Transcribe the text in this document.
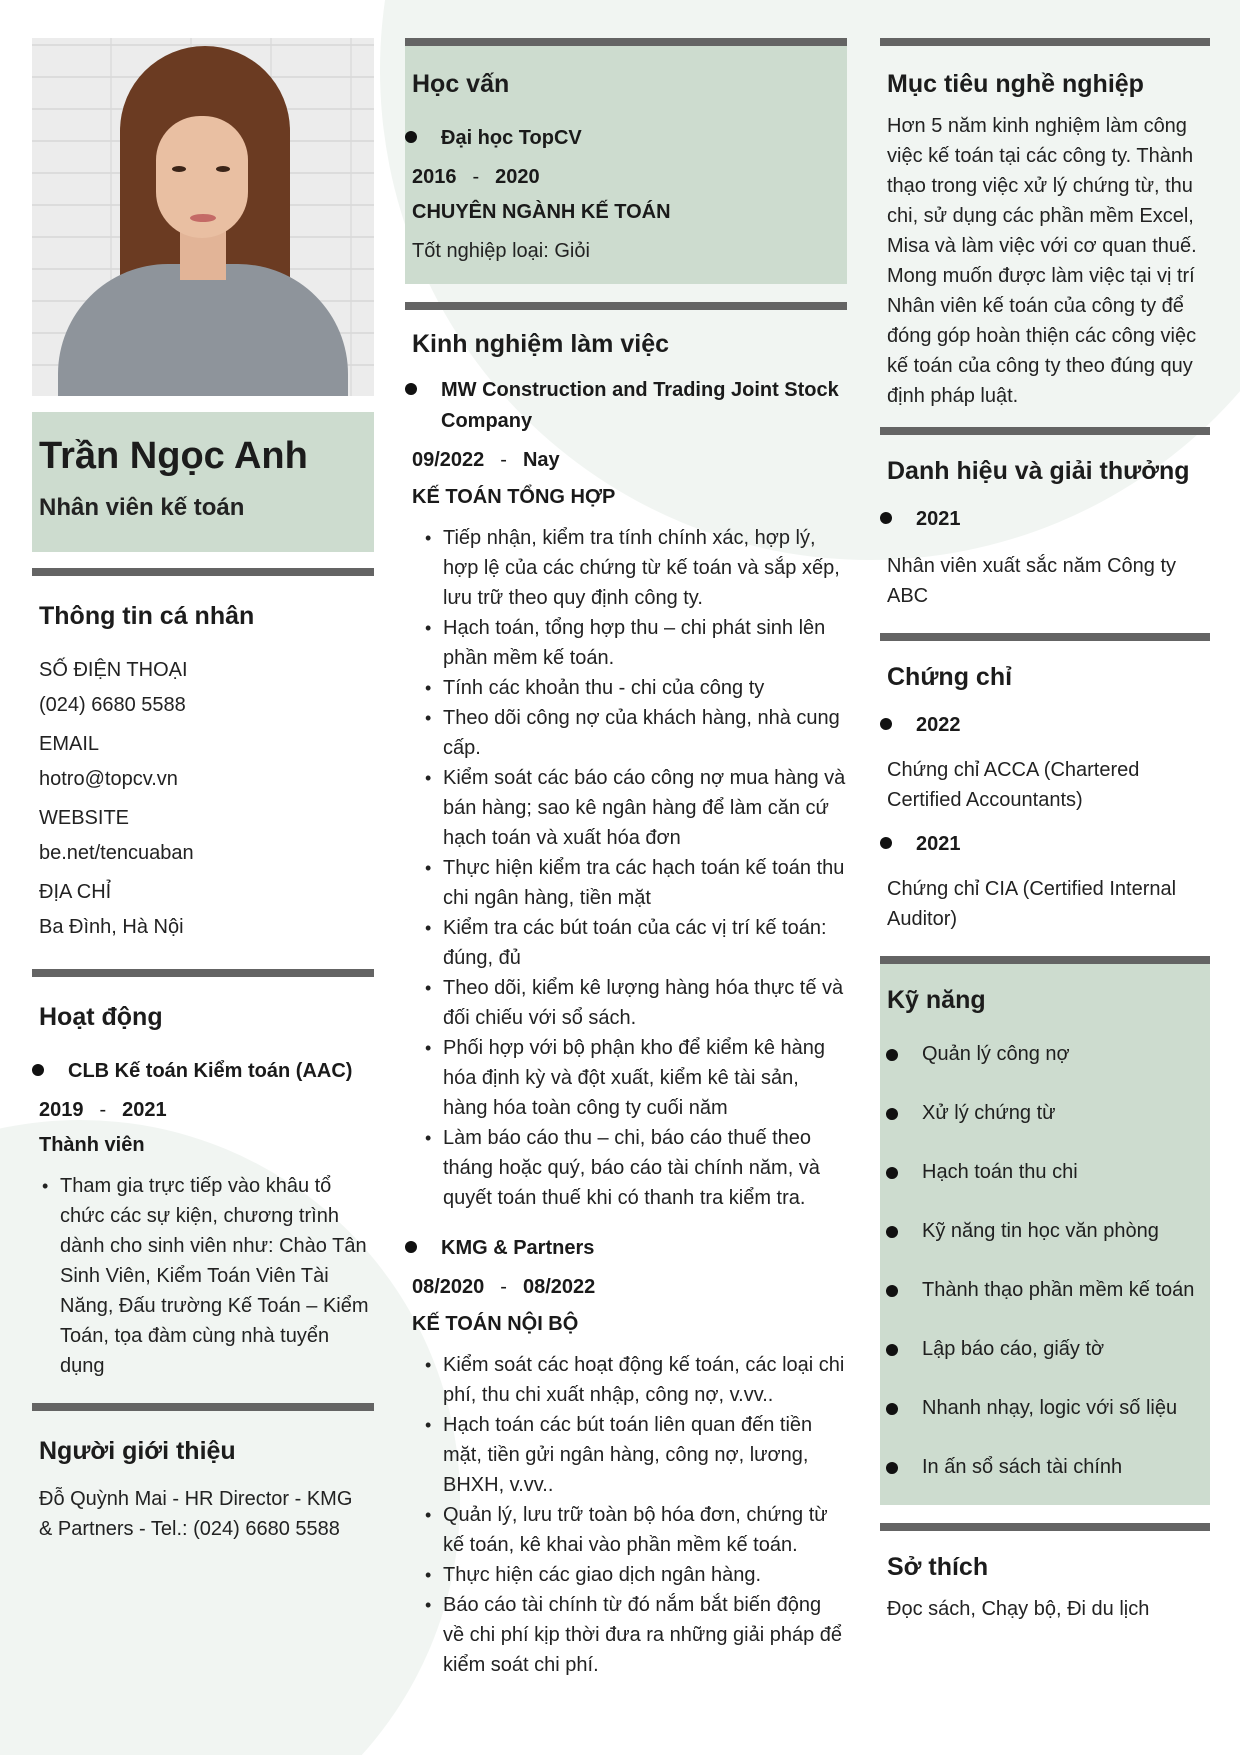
Trần Ngọc Anh
Nhân viên kế toán
Thông tin cá nhân
SỐ ĐIỆN THOẠI
(024) 6680 5588
EMAIL
hotro@topcv.vn
WEBSITE
be.net/tencuaban
ĐỊA CHỈ
Ba Đình, Hà Nội
Hoạt động
CLB Kế toán Kiểm toán (AAC)
2019 - 2021
Thành viên
• Tham gia trực tiếp vào khâu tổ chức các sự kiện, chương trình dành cho sinh viên như: Chào Tân Sinh Viên, Kiểm Toán Viên Tài Năng, Đấu trường Kế Toán – Kiểm Toán, tọa đàm cùng nhà tuyển dụng
Người giới thiệu
Đỗ Quỳnh Mai - HR Director - KMG & Partners - Tel.: (024) 6680 5588
Học vấn
Đại học TopCV
2016 - 2020
CHUYÊN NGÀNH KẾ TOÁN
Tốt nghiệp loại: Giỏi
Kinh nghiệm làm việc
MW Construction and Trading Joint Stock Company
09/2022 - Nay
KẾ TOÁN TỔNG HỢP
• Tiếp nhận, kiểm tra tính chính xác, hợp lý, hợp lệ của các chứng từ kế toán và sắp xếp, lưu trữ theo quy định công ty.
• Hạch toán, tổng hợp thu – chi phát sinh lên phần mềm kế toán.
• Tính các khoản thu - chi của công ty
• Theo dõi công nợ của khách hàng, nhà cung cấp.
• Kiểm soát các báo cáo công nợ mua hàng và bán hàng; sao kê ngân hàng để làm căn cứ hạch toán và xuất hóa đơn
• Thực hiện kiểm tra các hạch toán kế toán thu chi ngân hàng, tiền mặt
• Kiểm tra các bút toán của các vị trí kế toán: đúng, đủ
• Theo dõi, kiểm kê lượng hàng hóa thực tế và đối chiếu với sổ sách.
• Phối hợp với bộ phận kho để kiểm kê hàng hóa định kỳ và đột xuất, kiểm kê tài sản, hàng hóa toàn công ty cuối năm
• Làm báo cáo thu – chi, báo cáo thuế theo tháng hoặc quý, báo cáo tài chính năm, và quyết toán thuế khi có thanh tra kiểm tra.
KMG & Partners
08/2020 - 08/2022
KẾ TOÁN NỘI BỘ
• Kiểm soát các hoạt động kế toán, các loại chi phí, thu chi xuất nhập, công nợ, v.vv..
• Hạch toán các bút toán liên quan đến tiền mặt, tiền gửi ngân hàng, công nợ, lương, BHXH, v.vv..
• Quản lý, lưu trữ toàn bộ hóa đơn, chứng từ kế toán, kê khai vào phần mềm kế toán.
• Thực hiện các giao dịch ngân hàng.
• Báo cáo tài chính từ đó nắm bắt biến động về chi phí kịp thời đưa ra những giải pháp để kiểm soát chi phí.
Mục tiêu nghề nghiệp
Hơn 5 năm kinh nghiệm làm công việc kế toán tại các công ty. Thành thạo trong việc xử lý chứng từ, thu chi, sử dụng các phần mềm Excel, Misa và làm việc với cơ quan thuế. Mong muốn được làm việc tại vị trí Nhân viên kế toán của công ty để đóng góp hoàn thiện các công việc kế toán của công ty theo đúng quy định pháp luật.
Danh hiệu và giải thưởng
2021
Nhân viên xuất sắc năm Công ty ABC
Chứng chỉ
2022
Chứng chỉ ACCA (Chartered Certified Accountants)
2021
Chứng chỉ CIA (Certified Internal Auditor)
Kỹ năng
Quản lý công nợ
Xử lý chứng từ
Hạch toán thu chi
Kỹ năng tin học văn phòng
Thành thạo phần mềm kế toán
Lập báo cáo, giấy tờ
Nhanh nhạy, logic với số liệu
In ấn sổ sách tài chính
Sở thích
Đọc sách, Chạy bộ, Đi du lịch
